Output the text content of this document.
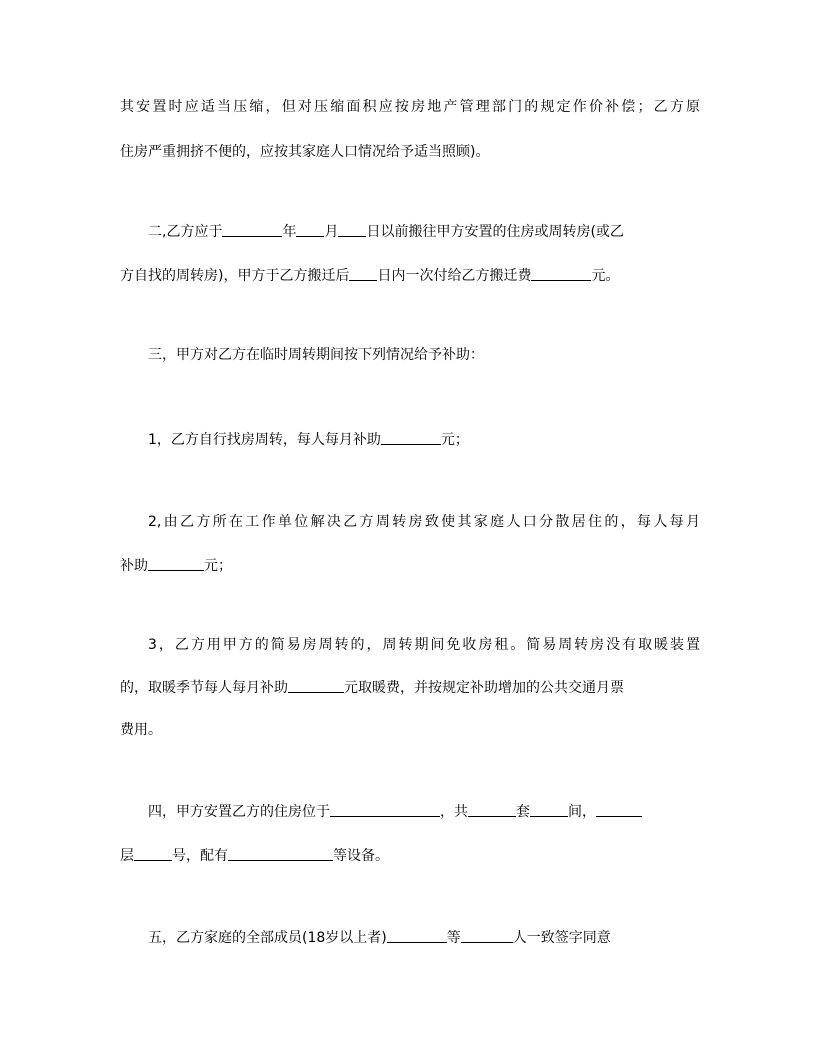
其安置时应适当压缩，但对压缩面积应按房地产管理部门的规定作价补偿；乙方原
住房严重拥挤不便的，应按其家庭人口情况给予适当照顾)。
二,乙方应于	年 月 日以前搬往甲方安置的住房或周转房(或乙
方自找的周转房)，甲方于乙方搬迁后 日内一次付给乙方搬迁费	元。
三，甲方对乙方在临时周转期间按下列情况给予补助：
1，乙方自行找房周转，每人每月补助	元；
2,由乙方所在工作单位解决乙方周转房致使其家庭人口分散居住的，每人每月
补助	元；
3，乙方用甲方的简易房周转的，周转期间免收房租。简易周转房没有取暖装置
的，取暖季节每人每月补助	元取暖费，并按规定补助增加的公共交通月票
费用。
四，甲方安置乙方的住房位于	，共	套	间，
层	号，配有	等设备。
五，乙方家庭的全部成员(18岁以上者)	等	人一致签字同意
